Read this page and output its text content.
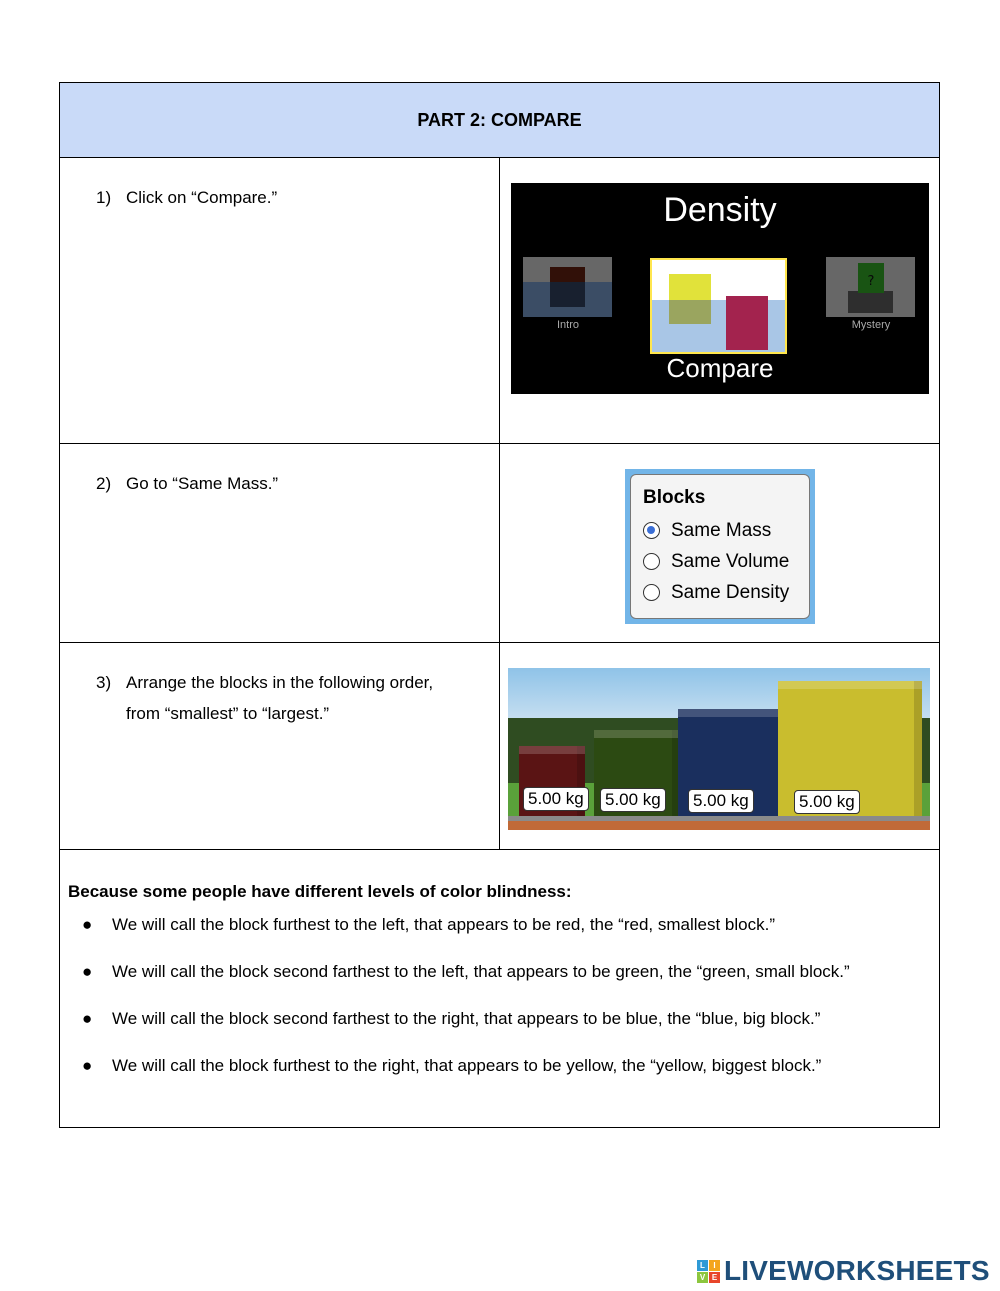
PART 2: COMPARE
1) Click on “Compare.”	Density
Intro
Compare
?
Mystery
2) Go to “Same Mass.”
Blocks
Same Mass
Same Volume
Same Density
3) Arrange the blocks in the following order, from “smallest” to “largest.”
5.00 kg 5.00 kg 5.00 kg	5.00 kg
Because some people have different levels of color blindness:
●	We will call the block furthest to the left, that appears to be red, the “red, smallest block.”
●	We will call the block second farthest to the left, that appears to be green, the “green, small block.”
●	We will call the block second farthest to the right, that appears to be blue, the “blue, big block.”
●	We will call the block furthest to the right, that appears to be yellow, the “yellow, biggest block.”
L	I
V E LIVEWORKSHEETS
